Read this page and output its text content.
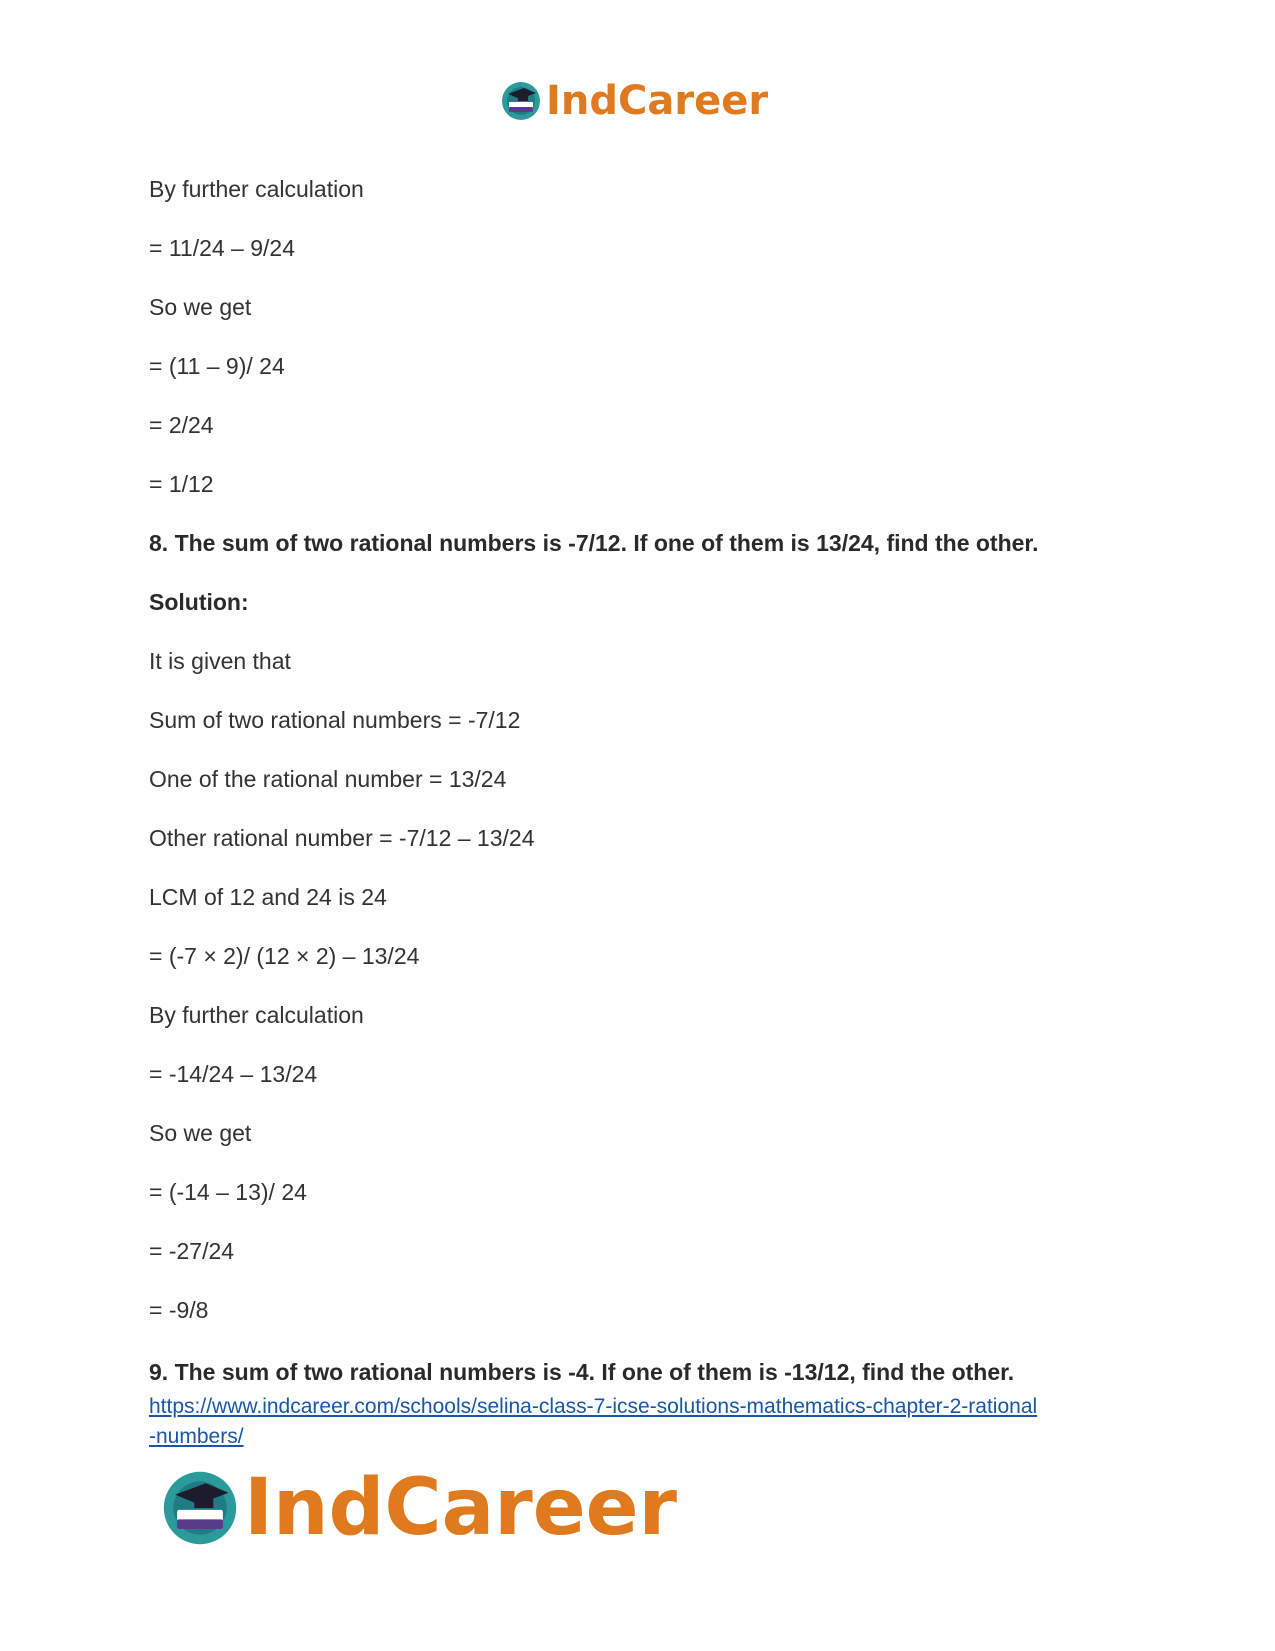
IndCareer
By further calculation
= 11/24 – 9/24
So we get
= (11 – 9)/ 24
= 2/24
= 1/12
8. The sum of two rational numbers is -7/12. If one of them is 13/24, find the other.
Solution:
It is given that
Sum of two rational numbers = -7/12
One of the rational number = 13/24
Other rational number = -7/12 – 13/24
LCM of 12 and 24 is 24
= (-7 × 2)/ (12 × 2) – 13/24
By further calculation
= -14/24 – 13/24
So we get
= (-14 – 13)/ 24
= -27/24
= -9/8
9. The sum of two rational numbers is -4. If one of them is -13/12, find the other.
https://www.indcareer.com/schools/selina-class-7-icse-solutions-mathematics-chapter-2-rational
-numbers/
IndCareer
